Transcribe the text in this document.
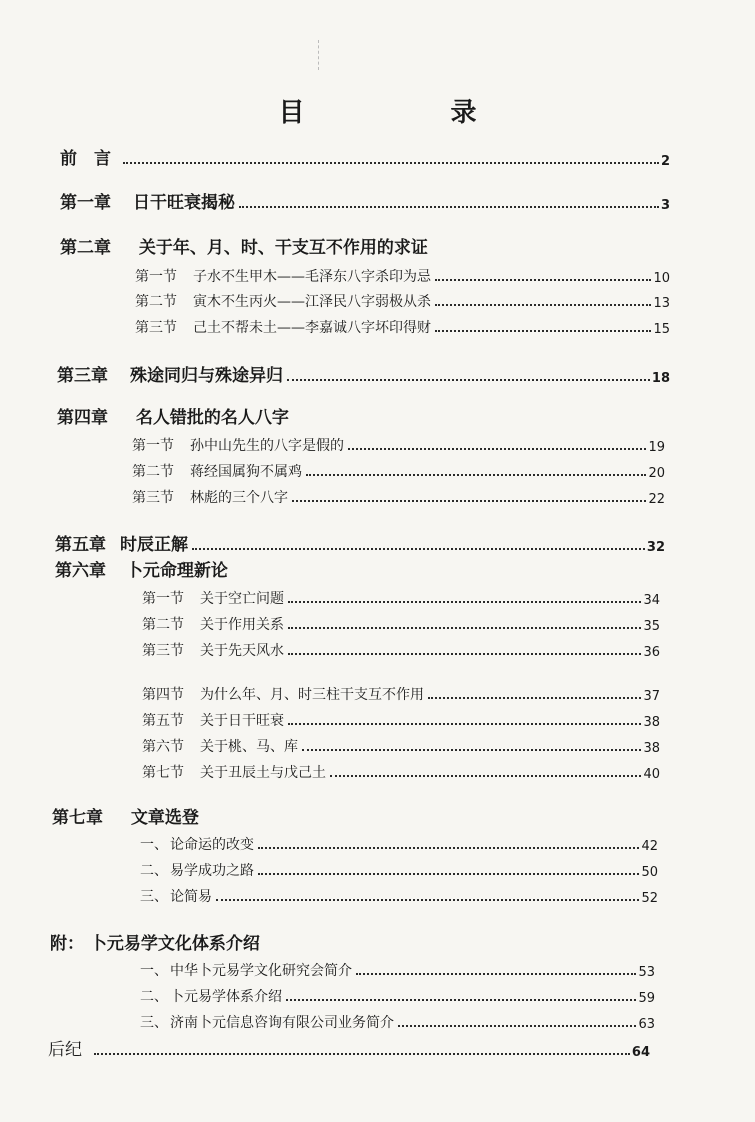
目　录
前　言	2
第一章 日干旺衰揭秘	3
第二章 关于年、月、时、干支互不作用的求证
第一节 子水不生甲木——毛泽东八字杀印为忌	10
第二节 寅木不生丙火——江泽民八字弱极从杀	13
第三节 己土不帮未土——李嘉诚八字坏印得财	15
第三章 殊途同归与殊途异归	18
第四章 名人错批的名人八字
第一节 孙中山先生的八字是假的	19
第二节 蒋经国属狗不属鸡	20
第三节 林彪的三个八字	22
第五章 时辰正解	32
第六章 卜元命理新论
第一节 关于空亡问题	34
第二节 关于作用关系	35
第三节 关于先天风水	36
第四节 为什么年、月、时三柱干支互不作用	37
第五节 关于日干旺衰	38
第六节 关于桃、马、库	38
第七节 关于丑辰土与戊己土	40
第七章 文章选登
一、 论命运的改变	42
二、 易学成功之路	50
三、 论简易	52
附： 卜元易学文化体系介绍
一、 中华卜元易学文化研究会简介	53
二、 卜元易学体系介绍	59
三、 济南卜元信息咨询有限公司业务简介	63
后纪	64
